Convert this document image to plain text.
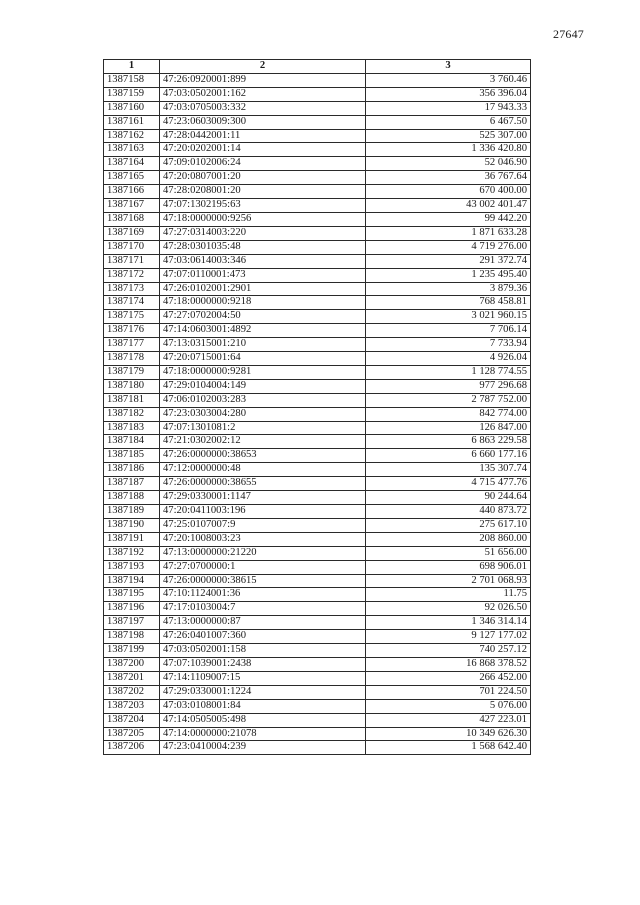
27647
1	2	3
1387158	47:26:0920001:899	3 760.46
1387159	47:03:0502001:162	356 396.04
1387160	47:03:0705003:332	17 943.33
1387161	47:23:0603009:300	6 467.50
1387162	47:28:0442001:11	525 307.00
1387163	47:20:0202001:14	1 336 420.80
1387164	47:09:0102006:24	52 046.90
1387165	47:20:0807001:20	36 767.64
1387166	47:28:0208001:20	670 400.00
1387167	47:07:1302195:63	43 002 401.47
1387168	47:18:0000000:9256	99 442.20
1387169	47:27:0314003:220	1 871 633.28
1387170	47:28:0301035:48	4 719 276.00
1387171	47:03:0614003:346	291 372.74
1387172	47:07:0110001:473	1 235 495.40
1387173	47:26:0102001:2901	3 879.36
1387174	47:18:0000000:9218	768 458.81
1387175	47:27:0702004:50	3 021 960.15
1387176	47:14:0603001:4892	7 706.14
1387177	47:13:0315001:210	7 733.94
1387178	47:20:0715001:64	4 926.04
1387179	47:18:0000000:9281	1 128 774.55
1387180	47:29:0104004:149	977 296.68
1387181	47:06:0102003:283	2 787 752.00
1387182	47:23:0303004:280	842 774.00
1387183	47:07:1301081:2	126 847.00
1387184	47:21:0302002:12	6 863 229.58
1387185	47:26:0000000:38653	6 660 177.16
1387186	47:12:0000000:48	135 307.74
1387187	47:26:0000000:38655	4 715 477.76
1387188	47:29:0330001:1147	90 244.64
1387189	47:20:0411003:196	440 873.72
1387190	47:25:0107007:9	275 617.10
1387191	47:20:1008003:23	208 860.00
1387192	47:13:0000000:21220	51 656.00
1387193	47:27:0700000:1	698 906.01
1387194	47:26:0000000:38615	2 701 068.93
1387195	47:10:1124001:36	11.75
1387196	47:17:0103004:7	92 026.50
1387197	47:13:0000000:87	1 346 314.14
1387198	47:26:0401007:360	9 127 177.02
1387199	47:03:0502001:158	740 257.12
1387200	47:07:1039001:2438	16 868 378.52
1387201	47:14:1109007:15	266 452.00
1387202	47:29:0330001:1224	701 224.50
1387203	47:03:0108001:84	5 076.00
1387204	47:14:0505005:498	427 223.01
1387205	47:14:0000000:21078	10 349 626.30
1387206	47:23:0410004:239	1 568 642.40
